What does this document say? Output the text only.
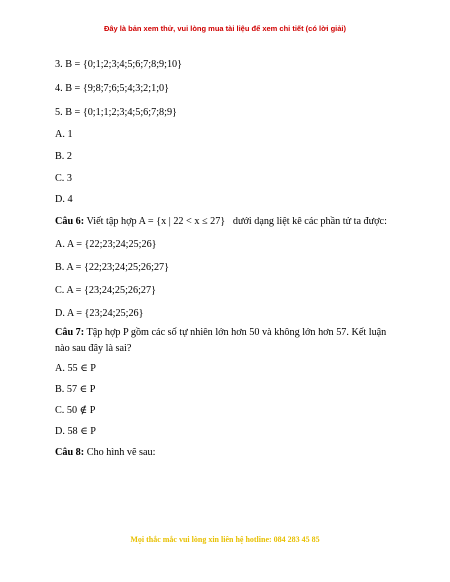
Đây là bản xem thử, vui lòng mua tài liệu để xem chi tiết (có lời giải)
3. B = {0;1;2;3;4;5;6;7;8;9;10}
4. B = {9;8;7;6;5;4;3;2;1;0}
5. B = {0;1;1;2;3;4;5;6;7;8;9}
A. 1
B. 2
C. 3
D. 4
Câu 6: Viết tập hợp A = {x | 22 < x ≤ 27} dưới dạng liệt kê các phần tử ta được:
A. A = {22;23;24;25;26}
B. A = {22;23;24;25;26;27}
C. A = {23;24;25;26;27}
D. A = {23;24;25;26}
Câu 7: Tập hợp P gồm các số tự nhiên lớn hơn 50 và không lớn hơn 57. Kết luận
nào sau đây là sai?
A. 55 ∈ P
B. 57 ∈ P
C. 50 ∉ P
D. 58 ∈ P
Câu 8: Cho hình vẽ sau:
Mọi thắc mắc vui lòng xin liên hệ hotline: 084 283 45 85
